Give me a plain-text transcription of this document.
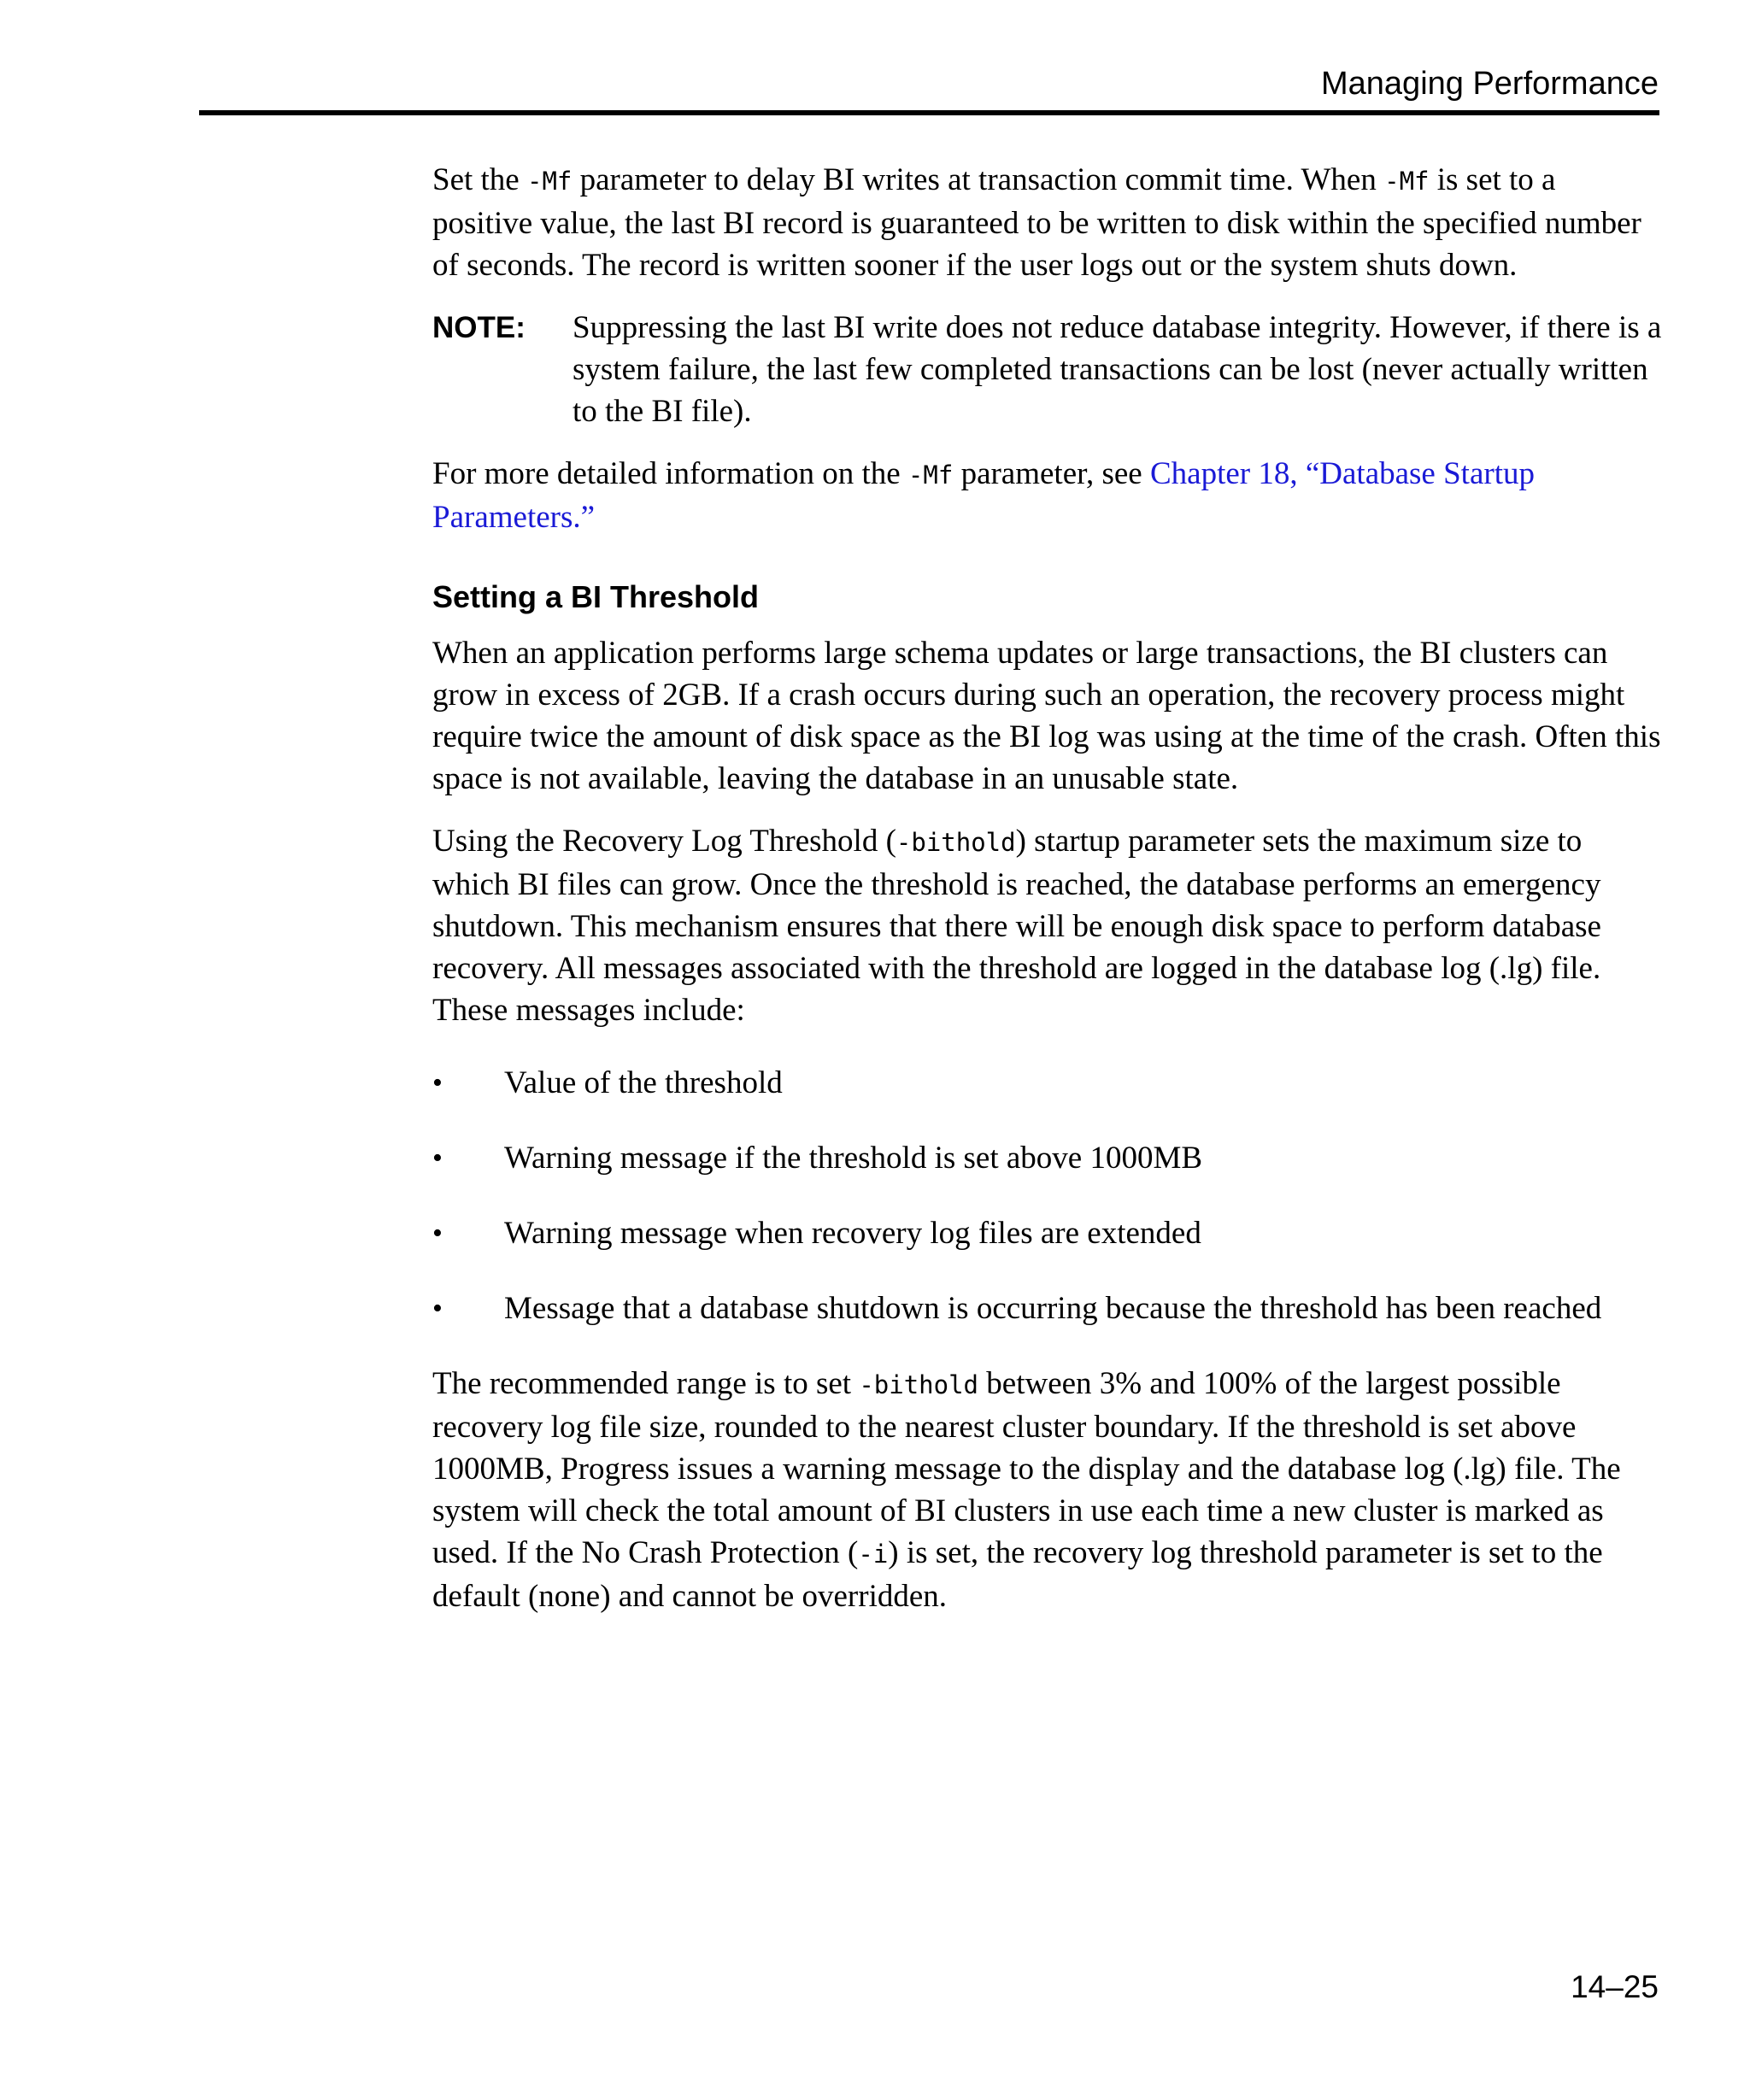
Managing Performance

Set the -Mf parameter to delay BI writes at transaction commit time. When -Mf is set to a positive value, the last BI record is guaranteed to be written to disk within the specified number of seconds. The record is written sooner if the user logs out or the system shuts down.

NOTE:	Suppressing the last BI write does not reduce database integrity. However, if there is a system failure, the last few completed transactions can be lost (never actually written to the BI file).

For more detailed information on the -Mf parameter, see Chapter 18, “Database Startup Parameters.”

Setting a BI Threshold

When an application performs large schema updates or large transactions, the BI clusters can grow in excess of 2GB. If a crash occurs during such an operation, the recovery process might require twice the amount of disk space as the BI log was using at the time of the crash. Often this space is not available, leaving the database in an unusable state.

Using the Recovery Log Threshold (-bithold) startup parameter sets the maximum size to which BI files can grow. Once the threshold is reached, the database performs an emergency shutdown. This mechanism ensures that there will be enough disk space to perform database recovery. All messages associated with the threshold are logged in the database log (.lg) file. These messages include:

•	Value of the threshold
•	Warning message if the threshold is set above 1000MB
•	Warning message when recovery log files are extended
•	Message that a database shutdown is occurring because the threshold has been reached

The recommended range is to set -bithold between 3% and 100% of the largest possible recovery log file size, rounded to the nearest cluster boundary. If the threshold is set above 1000MB, Progress issues a warning message to the display and the database log (.lg) file. The system will check the total amount of BI clusters in use each time a new cluster is marked as used. If the No Crash Protection (-i) is set, the recovery log threshold parameter is set to the default (none) and cannot be overridden.

14–25
